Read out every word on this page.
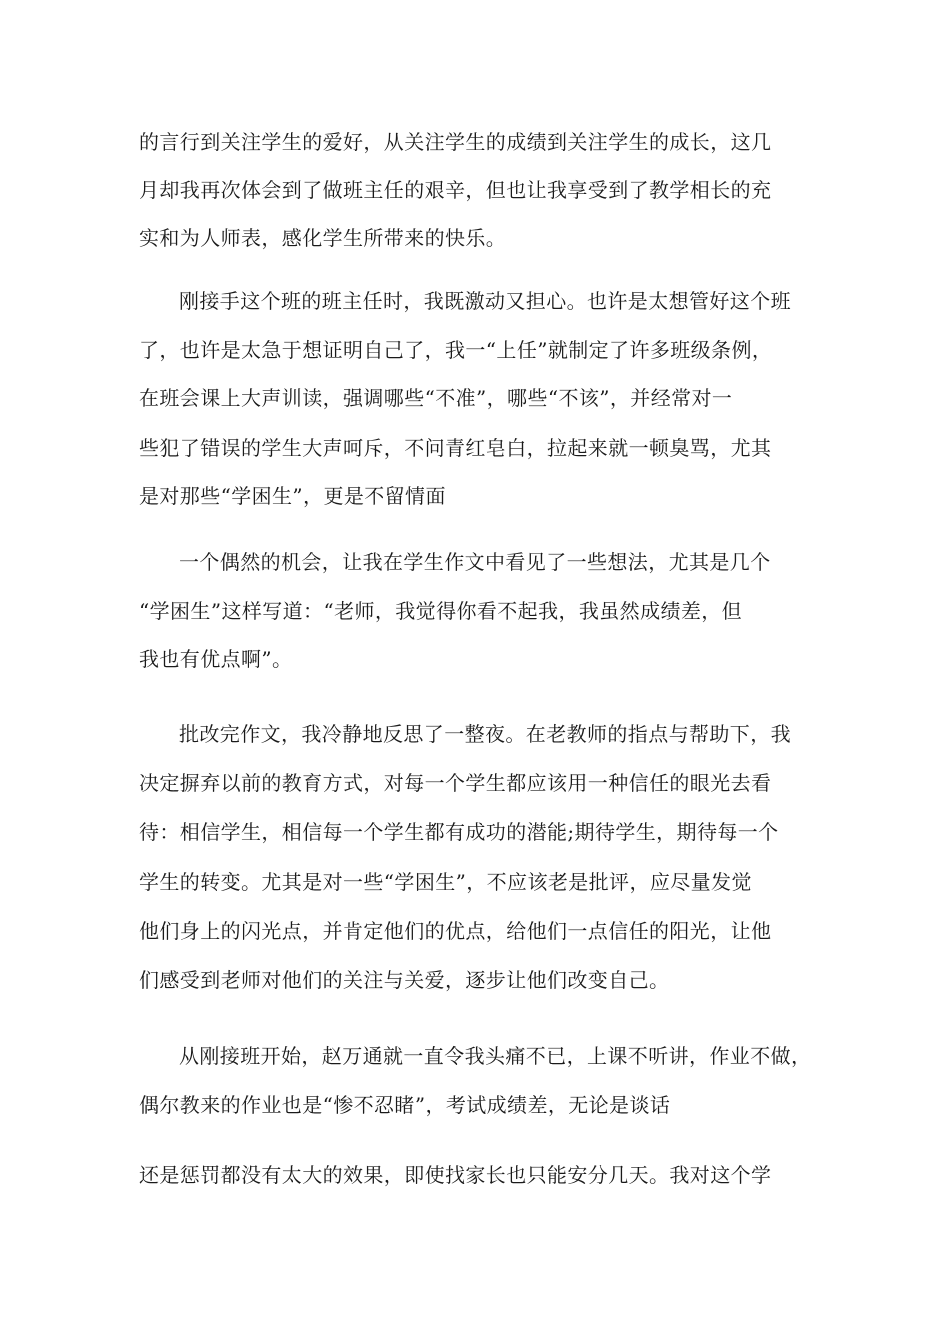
的言行到关注学生的爱好，从关注学生的成绩到关注学生的成长，这几
月却我再次体会到了做班主任的艰辛，但也让我享受到了教学相长的充
实和为人师表，感化学生所带来的快乐。
刚接手这个班的班主任时，我既激动又担心。也许是太想管好这个班
了，也许是太急于想证明自己了，我一“上任”就制定了许多班级条例，
在班会课上大声训读，强调哪些“不准”，哪些“不该”，并经常对一
些犯了错误的学生大声呵斥，不问青红皂白，拉起来就一顿臭骂，尤其
是对那些“学困生”，更是不留情面
一个偶然的机会，让我在学生作文中看见了一些想法，尤其是几个
“学困生”这样写道：“老师，我觉得你看不起我，我虽然成绩差，但
我也有优点啊”。
批改完作文，我冷静地反思了一整夜。在老教师的指点与帮助下，我
决定摒弃以前的教育方式，对每一个学生都应该用一种信任的眼光去看
待：相信学生，相信每一个学生都有成功的潜能;期待学生，期待每一个
学生的转变。尤其是对一些“学困生”，不应该老是批评，应尽量发觉
他们身上的闪光点，并肯定他们的优点，给他们一点信任的阳光，让他
们感受到老师对他们的关注与关爱，逐步让他们改变自己。
从刚接班开始，赵万通就一直令我头痛不已，上课不听讲，作业不做，
偶尔教来的作业也是“惨不忍睹”，考试成绩差，无论是谈话
还是惩罚都没有太大的效果，即使找家长也只能安分几天。我对这个学
